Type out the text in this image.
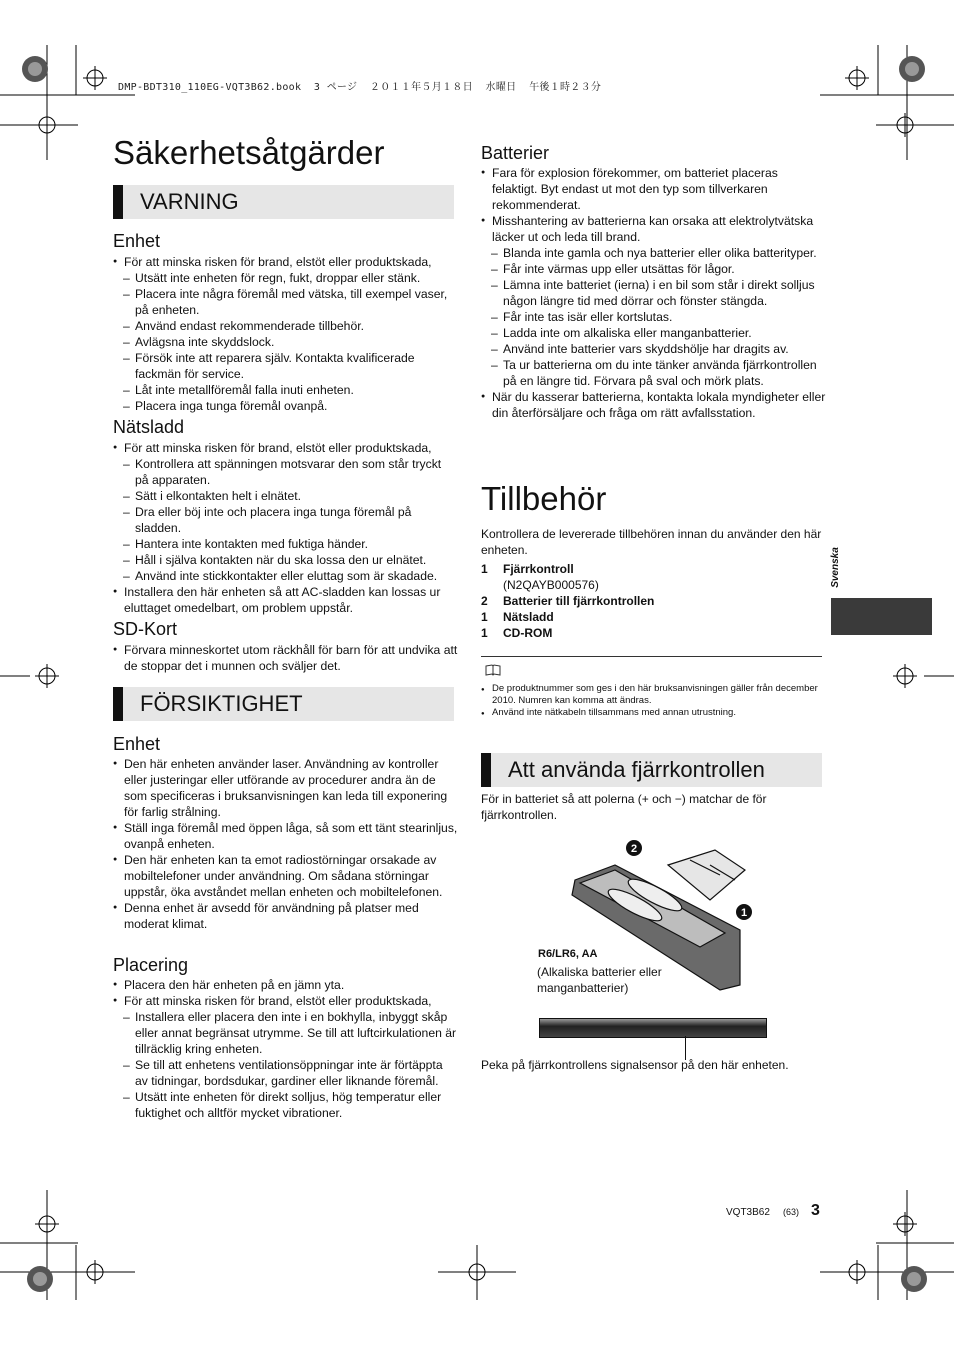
DMP-BDT310_110EG-VQT3B62.book  3 ページ  ２０１１年５月１８日  水曜日  午後１時２３分
Säkerhetsåtgärder
VARNING
Enhet
● För att minska risken för brand, elstöt eller produktskada,
– Utsätt inte enheten för regn, fukt, droppar eller stänk.
– Placera inte några föremål med vätska, till exempel vaser, på enheten.
– Använd endast rekommenderade tillbehör.
– Avlägsna inte skyddslock.
– Försök inte att reparera själv. Kontakta kvalificerade fackmän för service.
– Låt inte metallföremål falla inuti enheten.
– Placera inga tunga föremål ovanpå.
Nätsladd
● För att minska risken för brand, elstöt eller produktskada,
– Kontrollera att spänningen motsvarar den som står tryckt på apparaten.
– Sätt i elkontakten helt i elnätet.
– Dra eller böj inte och placera inga tunga föremål på sladden.
– Hantera inte kontakten med fuktiga händer.
– Håll i själva kontakten när du ska lossa den ur elnätet.
– Använd inte stickkontakter eller eluttag som är skadade.
● Installera den här enheten så att AC-sladden kan lossas ur eluttaget omedelbart, om problem uppstår.
SD-Kort
● Förvara minneskortet utom räckhåll för barn för att undvika att de stoppar det i munnen och sväljer det.
FÖRSIKTIGHET
Enhet
● Den här enheten använder laser. Användning av kontroller eller justeringar eller utförande av procedurer andra än de som specificeras i bruksanvisningen kan leda till exponering för farlig strålning.
● Ställ inga föremål med öppen låga, så som ett tänt stearinljus, ovanpå enheten.
● Den här enheten kan ta emot radiostörningar orsakade av mobiltelefoner under användning. Om sådana störningar uppstår, öka avståndet mellan enheten och mobiltelefonen.
● Denna enhet är avsedd för användning på platser med moderat klimat.
Placering
● Placera den här enheten på en jämn yta.
● För att minska risken för brand, elstöt eller produktskada,
– Installera eller placera den inte i en bokhylla, inbyggt skåp eller annat begränsat utrymme. Se till att luftcirkulationen är tillräcklig kring enheten.
– Se till att enhetens ventilationsöppningar inte är förtäppta av tidningar, bordsdukar, gardiner eller liknande föremål.
– Utsätt inte enheten för direkt solljus, hög temperatur eller fuktighet och alltför mycket vibrationer.
Batterier
● Fara för explosion förekommer, om batteriet placeras felaktigt. Byt endast ut mot den typ som tillverkaren rekommenderat.
● Misshantering av batterierna kan orsaka att elektrolytvätska läcker ut och leda till brand.
– Blanda inte gamla och nya batterier eller olika batterityper.
– Får inte värmas upp eller utsättas för lågor.
– Lämna inte batteriet (ierna) i en bil som står i direkt solljus någon längre tid med dörrar och fönster stängda.
– Får inte tas isär eller kortslutas.
– Ladda inte om alkaliska eller manganbatterier.
– Använd inte batterier vars skyddshölje har dragits av.
– Ta ur batterierna om du inte tänker använda fjärrkontrollen på en längre tid. Förvara på sval och mörk plats.
● När du kasserar batterierna, kontakta lokala myndigheter eller din återförsäljare och fråga om rätt avfallsstation.
Tillbehör
Kontrollera de levererade tillbehören innan du använder den här enheten.
1 Fjärrkontroll
(N2QAYB000576)
2 Batterier till fjärrkontrollen
1 Nätsladd
1 CD-ROM
● De produktnummer som ges i den här bruksanvisningen gäller från december 2010. Numren kan komma att ändras.
● Använd inte nätkabeln tillsammans med annan utrustning.
Att använda fjärrkontrollen
För in batteriet så att polerna (+ och −) matchar de för fjärrkontrollen.
2
1
R6/LR6, AA
(Alkaliska batterier eller manganbatterier)
Peka på fjärrkontrollens signalsensor på den här enheten.
Svenska
VQT3B62 (63) 3
